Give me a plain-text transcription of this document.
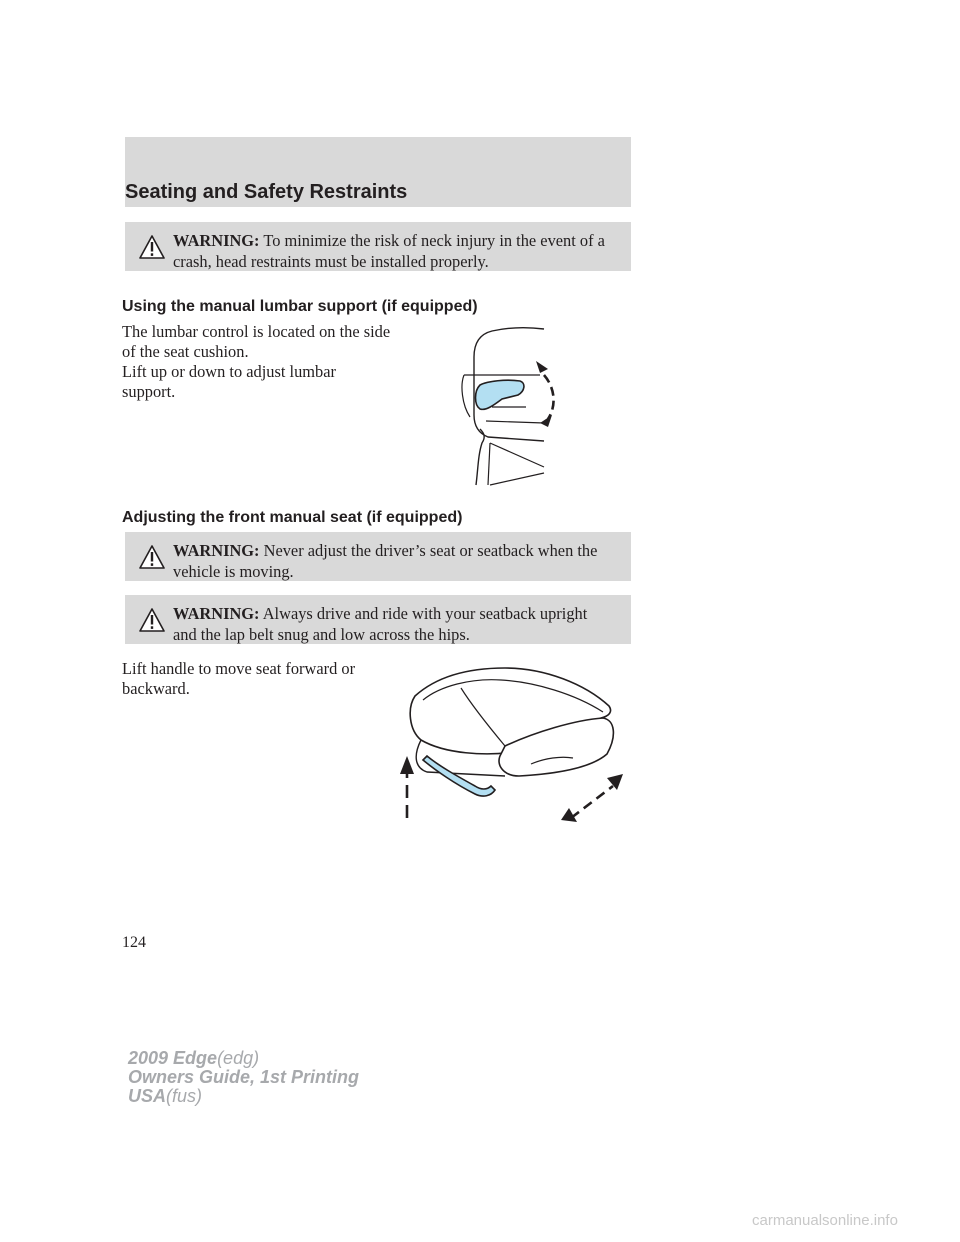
Seating and Safety Restraints
WARNING: To minimize the risk of neck injury in the event of a crash, head restraints must be installed properly.
Using the manual lumbar support (if equipped)
The lumbar control is located on the side of the seat cushion.
Lift up or down to adjust lumbar support.
Adjusting the front manual seat (if equipped)
WARNING: Never adjust the driver’s seat or seatback when the vehicle is moving.
WARNING: Always drive and ride with your seatback upright and the lap belt snug and low across the hips.
Lift handle to move seat forward or backward.
124
2009 Edge(edg)
Owners Guide, 1st Printing
USA(fus)
carmanualsonline.info
